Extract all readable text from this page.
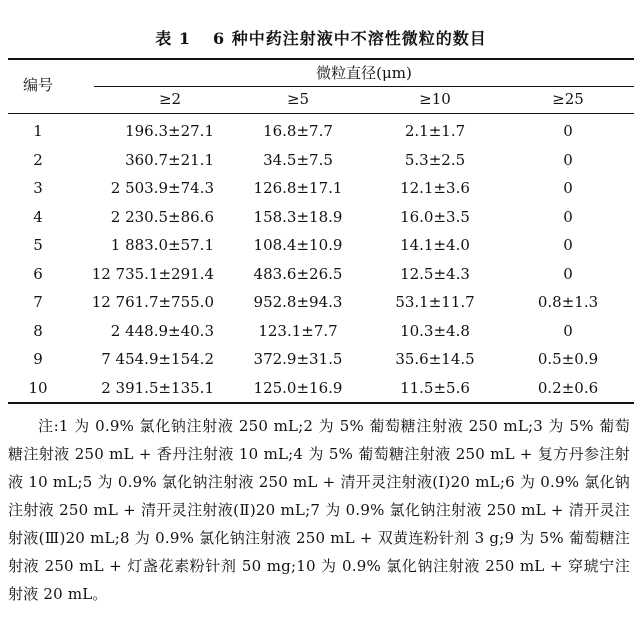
表 1 6 种中药注射液中不溶性微粒的数目
编号
微粒直径(μm)
≥2	≥5	≥10	≥25
1	196.3±27.1	16.8±7.7	2.1±1.7	0
2	360.7±21.1	34.5±7.5	5.3±2.5	0
3	2 503.9±74.3	126.8±17.1	12.1±3.6	0
4	2 230.5±86.6	158.3±18.9	16.0±3.5	0
5	1 883.0±57.1	108.4±10.9	14.1±4.0	0
6	12 735.1±291.4	483.6±26.5	12.5±4.3	0
7	12 761.7±755.0	952.8±94.3	53.1±11.7	0.8±1.3
8	2 448.9±40.3	123.1±7.7	10.3±4.8	0
9	7 454.9±154.2	372.9±31.5	35.6±14.5	0.5±0.9
10	2 391.5±135.1	125.0±16.9	11.5±5.6	0.2±0.6
注:1 为 0.9% 氯化钠注射液 250 mL;2 为 5% 葡萄糖注射液 250 mL;3 为 5% 葡萄糖注射液 250 mL + 香丹注射液 10 mL;4 为 5% 葡萄糖注射液 250 mL + 复方丹参注射液 10 mL;5 为 0.9% 氯化钠注射液 250 mL + 清开灵注射液(Ⅰ)20 mL;6 为 0.9% 氯化钠注射液 250 mL + 清开灵注射液(Ⅱ)20 mL;7 为 0.9% 氯化钠注射液 250 mL + 清开灵注射液(Ⅲ)20 mL;8 为 0.9% 氯化钠注射液 250 mL + 双黄连粉针剂 3 g;9 为 5% 葡萄糖注射液 250 mL + 灯盏花素粉针剂 50 mg;10 为 0.9% 氯化钠注射液 250 mL + 穿琥宁注射液 20 mL。
